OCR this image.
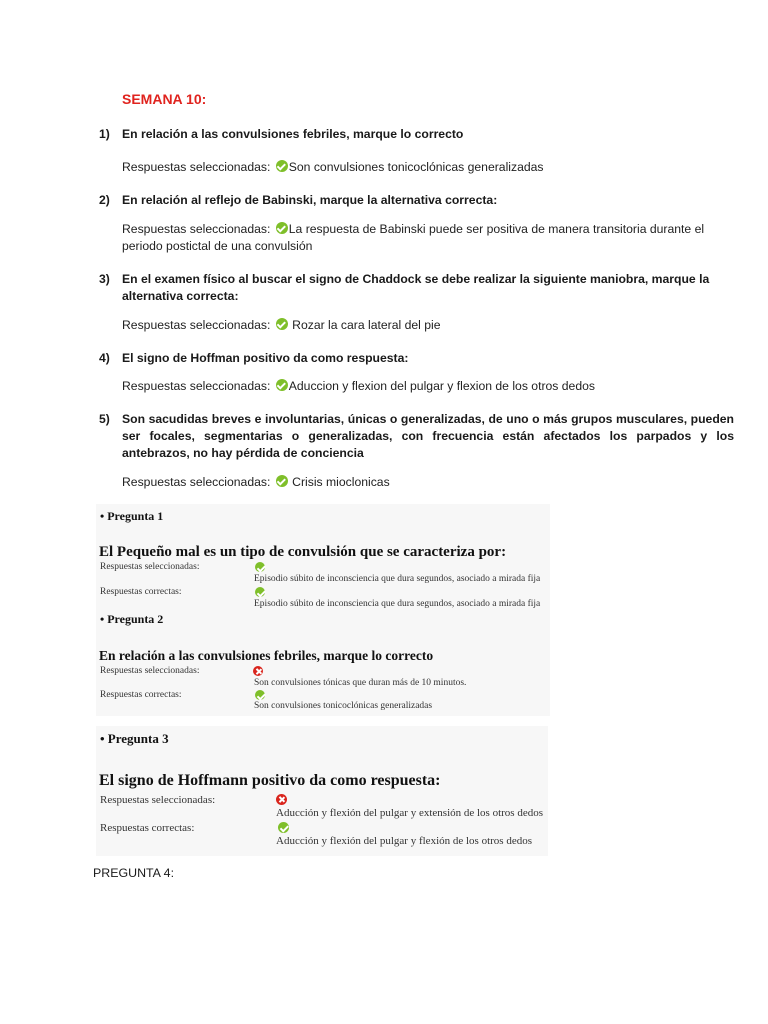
SEMANA 10:
1) En relación a las convulsiones febriles, marque lo correcto
Respuestas seleccionadas: Son convulsiones tonicoclónicas generalizadas
2) En relación al reflejo de Babinski, marque la alternativa correcta:
Respuestas seleccionadas: La respuesta de Babinski puede ser positiva de manera transitoria durante el periodo postictal de una convulsión
3) En el examen físico al buscar el signo de Chaddock se debe realizar la siguiente maniobra, marque la alternativa correcta:
Respuestas seleccionadas: Rozar la cara lateral del pie
4) El signo de Hoffman positivo da como respuesta:
Respuestas seleccionadas: Aduccion y flexion del pulgar y flexion de los otros dedos
5) Son sacudidas breves e involuntarias, únicas o generalizadas, de uno o más grupos musculares, pueden ser focales, segmentarias o generalizadas, con frecuencia están afectados los parpados y los antebrazos, no hay pérdida de conciencia
Respuestas seleccionadas: Crisis mioclonicas
• Pregunta 1
El Pequeño mal es un tipo de convulsión que se caracteriza por:
Respuestas seleccionadas:
Episodio súbito de inconsciencia que dura segundos, asociado a mirada fija
Respuestas correctas:
Episodio súbito de inconsciencia que dura segundos, asociado a mirada fija
• Pregunta 2
En relación a las convulsiones febriles, marque lo correcto
Respuestas seleccionadas:
Son convulsiones tónicas que duran más de 10 minutos.
Respuestas correctas:
Son convulsiones tonicoclónicas generalizadas
• Pregunta 3
El signo de Hoffmann positivo da como respuesta:
Respuestas seleccionadas:
Aducción y flexión del pulgar y extensión de los otros dedos
Respuestas correctas:
Aducción y flexión del pulgar y flexión de los otros dedos
PREGUNTA 4:
